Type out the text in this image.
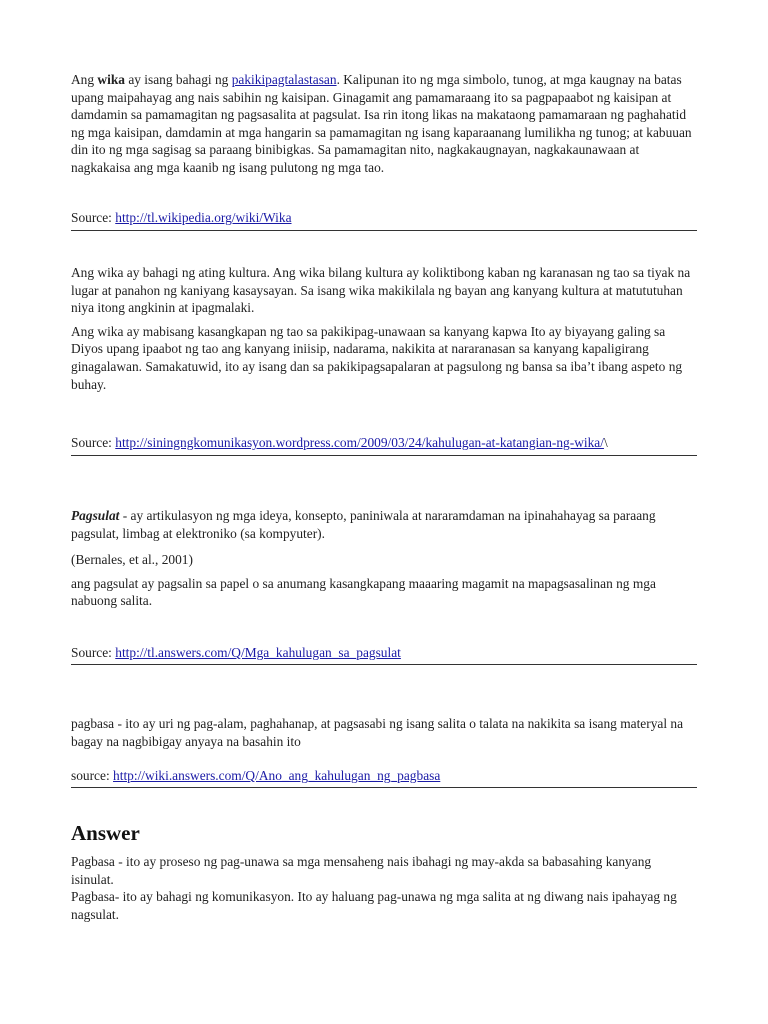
Ang wika ay isang bahagi ng pakikipagtalastasan. Kalipunan ito ng mga simbolo, tunog, at mga kaugnay na batas upang maipahayag ang nais sabihin ng kaisipan. Ginagamit ang pamamaraang ito sa pagpapaabot ng kaisipan at damdamin sa pamamagitan ng pagsasalita at pagsulat. Isa rin itong likas na makataong pamamaraan ng paghahatid ng mga kaisipan, damdamin at mga hangarin sa pamamagitan ng isang kaparaanang lumilikha ng tunog; at kabuuan din ito ng mga sagisag sa paraang binibigkas. Sa pamamagitan nito, nagkakaugnayan, nagkakaunawaan at nagkakaisa ang mga kaanib ng isang pulutong ng mga tao.

Source: http://tl.wikipedia.org/wiki/Wika

Ang wika ay bahagi ng ating kultura. Ang wika bilang kultura ay koliktibong kaban ng karanasan ng tao sa tiyak na lugar at panahon ng kaniyang kasaysayan. Sa isang wika makikilala ng bayan ang kanyang kultura at matututuhan niya itong angkinin at ipagmalaki.

Ang wika ay mabisang kasangkapan ng tao sa pakikipag-unawaan sa kanyang kapwa Ito ay biyayang galing sa Diyos upang ipaabot ng tao ang kanyang iniisip, nadarama, nakikita at nararanasan sa kanyang kapaligirang ginagalawan. Samakatuwid, ito ay isang dan sa pakikipagsapalaran at pagsulong ng bansa sa iba’t ibang aspeto ng buhay.

Source: http://siningngkomunikasyon.wordpress.com/2009/03/24/kahulugan-at-katangian-ng-wika/\

Pagsulat - ay artikulasyon ng mga ideya, konsepto, paniniwala at nararamdaman na ipinahahayag sa paraang pagsulat, limbag at elektroniko (sa kompyuter).

(Bernales, et al., 2001)

ang pagsulat ay pagsalin sa papel o sa anumang kasangkapang maaaring magamit na mapagsasalinan ng mga nabuong salita.

Source: http://tl.answers.com/Q/Mga_kahulugan_sa_pagsulat

pagbasa - ito ay uri ng pag-alam, paghahanap, at pagsasabi ng isang salita o talata na nakikita sa isang materyal na bagay na nagbibigay anyaya na basahin ito

source: http://wiki.answers.com/Q/Ano_ang_kahulugan_ng_pagbasa

Answer

Pagbasa - ito ay proseso ng pag-unawa sa mga mensaheng nais ibahagi ng may-akda sa babasahing kanyang isinulat.

Pagbasa- ito ay bahagi ng komunikasyon. Ito ay haluang pag-unawa ng mga salita at ng diwang nais ipahayag ng nagsulat.
